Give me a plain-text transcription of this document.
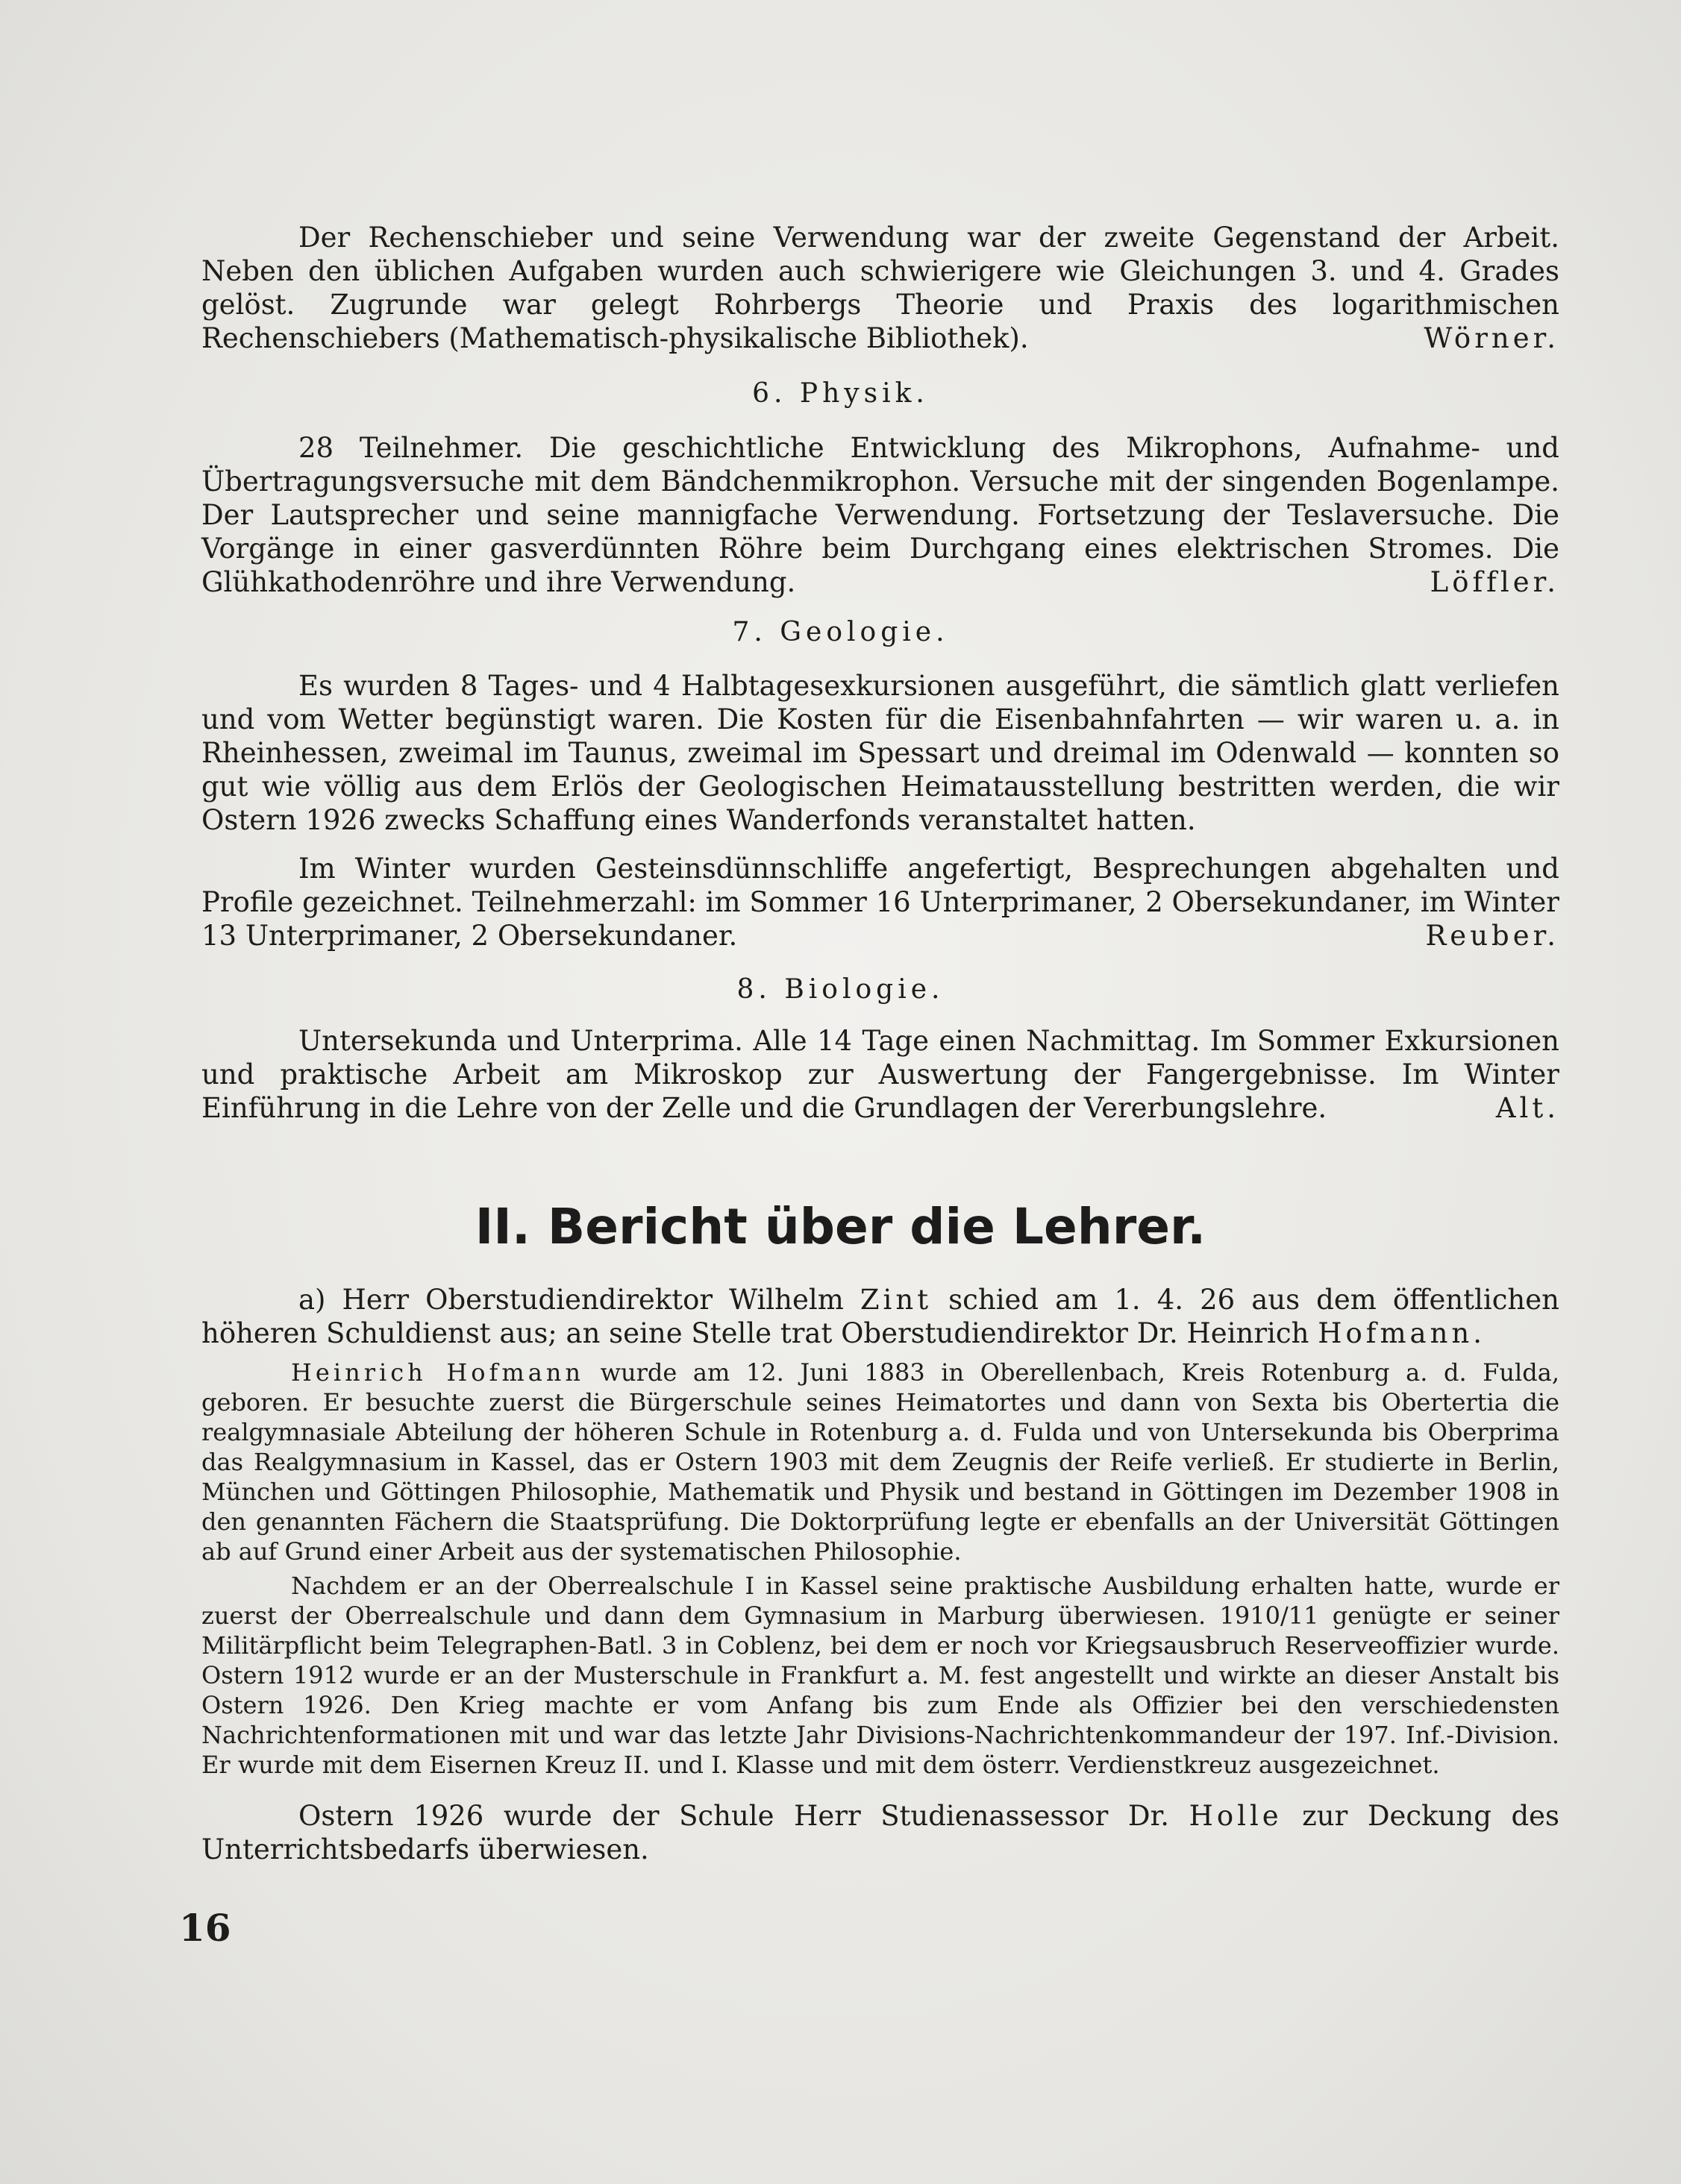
Der Rechenschieber und seine Verwendung war der zweite Gegenstand der Arbeit. Neben den üblichen Aufgaben wurden auch schwierigere wie Gleichungen 3. und 4. Grades gelöst. Zugrunde war gelegt Rohrbergs Theorie und Praxis des logarithmischen Rechenschiebers (Mathematisch-physikalische Bibliothek).	Wörner.

6. Physik.

28 Teilnehmer. Die geschichtliche Entwicklung des Mikrophons, Aufnahme- und Übertragungsversuche mit dem Bändchenmikrophon. Versuche mit der singenden Bogenlampe. Der Lautsprecher und seine mannigfache Verwendung. Fortsetzung der Teslaversuche. Die Vorgänge in einer gasverdünnten Röhre beim Durchgang eines elektrischen Stromes. Die Glühkathodenröhre und ihre Verwendung.	Löffler.

7. Geologie.

Es wurden 8 Tages- und 4 Halbtagesexkursionen ausgeführt, die sämtlich glatt verliefen und vom Wetter begünstigt waren. Die Kosten für die Eisenbahnfahrten — wir waren u. a. in Rheinhessen, zweimal im Taunus, zweimal im Spessart und dreimal im Odenwald — konnten so gut wie völlig aus dem Erlös der Geologischen Heimatausstellung bestritten werden, die wir Ostern 1926 zwecks Schaffung eines Wanderfonds veranstaltet hatten.

Im Winter wurden Gesteinsdünnschliffe angefertigt, Besprechungen abgehalten und Profile gezeichnet. Teilnehmerzahl: im Sommer 16 Unterprimaner, 2 Obersekundaner, im Winter 13 Unterprimaner, 2 Obersekundaner.	Reuber.

8. Biologie.

Untersekunda und Unterprima. Alle 14 Tage einen Nachmittag. Im Sommer Exkursionen und praktische Arbeit am Mikroskop zur Auswertung der Fangergebnisse. Im Winter Einführung in die Lehre von der Zelle und die Grundlagen der Vererbungslehre.	Alt.

II. Bericht über die Lehrer.

a) Herr Oberstudiendirektor Wilhelm Zint schied am 1. 4. 26 aus dem öffentlichen höheren Schuldienst aus; an seine Stelle trat Oberstudiendirektor Dr. Heinrich Hofmann.

Heinrich Hofmann wurde am 12. Juni 1883 in Oberellenbach, Kreis Rotenburg a. d. Fulda, geboren. Er besuchte zuerst die Bürgerschule seines Heimatortes und dann von Sexta bis Obertertia die realgymnasiale Abteilung der höheren Schule in Rotenburg a. d. Fulda und von Untersekunda bis Oberprima das Realgymnasium in Kassel, das er Ostern 1903 mit dem Zeugnis der Reife verließ. Er studierte in Berlin, München und Göttingen Philosophie, Mathematik und Physik und bestand in Göttingen im Dezember 1908 in den genannten Fächern die Staatsprüfung. Die Doktorprüfung legte er ebenfalls an der Universität Göttingen ab auf Grund einer Arbeit aus der systematischen Philosophie.

Nachdem er an der Oberrealschule I in Kassel seine praktische Ausbildung erhalten hatte, wurde er zuerst der Oberrealschule und dann dem Gymnasium in Marburg überwiesen. 1910/11 genügte er seiner Militärpflicht beim Telegraphen-Batl. 3 in Coblenz, bei dem er noch vor Kriegsausbruch Reserveoffizier wurde. Ostern 1912 wurde er an der Musterschule in Frankfurt a. M. fest angestellt und wirkte an dieser Anstalt bis Ostern 1926. Den Krieg machte er vom Anfang bis zum Ende als Offizier bei den verschiedensten Nachrichtenformationen mit und war das letzte Jahr Divisions-Nachrichtenkommandeur der 197. Inf.-Division. Er wurde mit dem Eisernen Kreuz II. und I. Klasse und mit dem österr. Verdienstkreuz ausgezeichnet.

Ostern 1926 wurde der Schule Herr Studienassessor Dr. Holle zur Deckung des Unterrichtsbedarfs überwiesen.

16
